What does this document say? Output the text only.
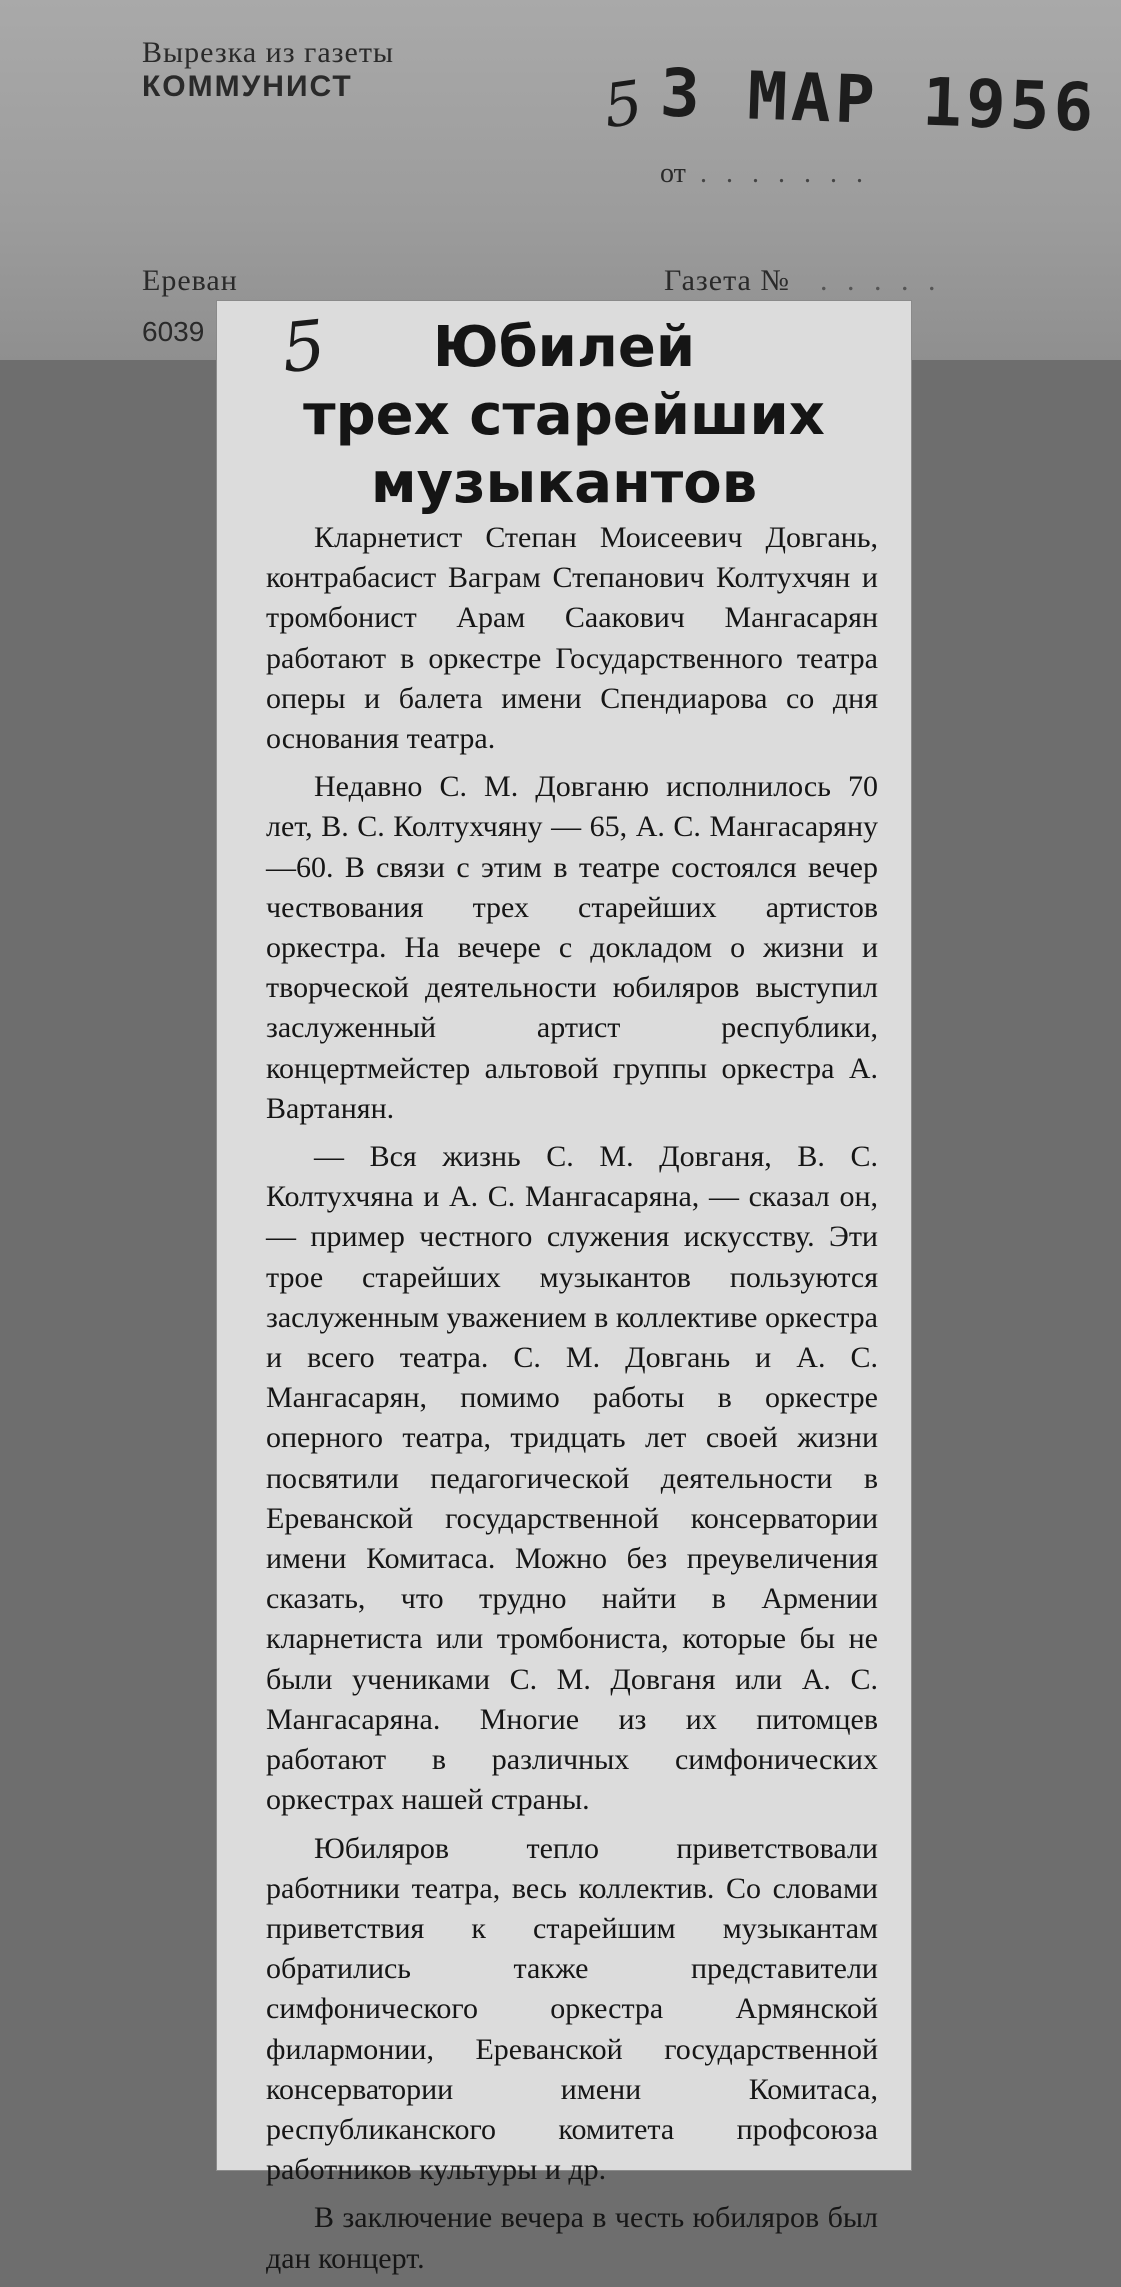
Вырезка из газеты
КОММУНИСТ	5 3 МАР 1956
от . . . . . . .
Ереван	Газета № . . . . .
6039	Юбилей
трех старейших
музыкантов

Кларнетист Степан Моисеевич Довгань, контрабасист Ваграм Степанович Колтухчян и тромбонист Арам Саакович Мангасарян работают в оркестре Государственного театра оперы и балета имени Спендиарова со дня основания театра.

Недавно С. М. Довганю исполнилось 70 лет, В. С. Колтухчяну — 65, А. С. Мангасаряну—60. В связи с этим в театре состоялся вечер чествования трех старейших артистов оркестра. На вечере с докладом о жизни и творческой деятельности юбиляров выступил заслуженный артист республики, концертмейстер альтовой группы оркестра А. Вартанян.

— Вся жизнь С. М. Довганя, В. С. Колтухчяна и А. С. Мангасаряна, — сказал он, — пример честного служения искусству. Эти трое старейших музыкантов пользуются заслуженным уважением в коллективе оркестра и всего театра. С. М. Довгань и А. С. Мангасарян, помимо работы в оркестре оперного театра, тридцать лет своей жизни посвятили педагогической деятельности в Ереванской государственной консерватории имени Комитаса. Можно без преувеличения сказать, что трудно найти в Армении кларнетиста или тромбониста, которые бы не были учениками С. М. Довганя или А. С. Мангасаряна. Многие из их питомцев работают в различных симфонических оркестрах нашей страны.

Юбиляров тепло приветствовали работники театра, весь коллектив. Со словами приветствия к старейшим музыкантам обратились также представители симфонического оркестра Армянской филармонии, Ереванской государственной консерватории имени Комитаса, республиканского комитета профсоюза работников культуры и др.

В заключение вечера в честь юбиляров был дан концерт.

5
